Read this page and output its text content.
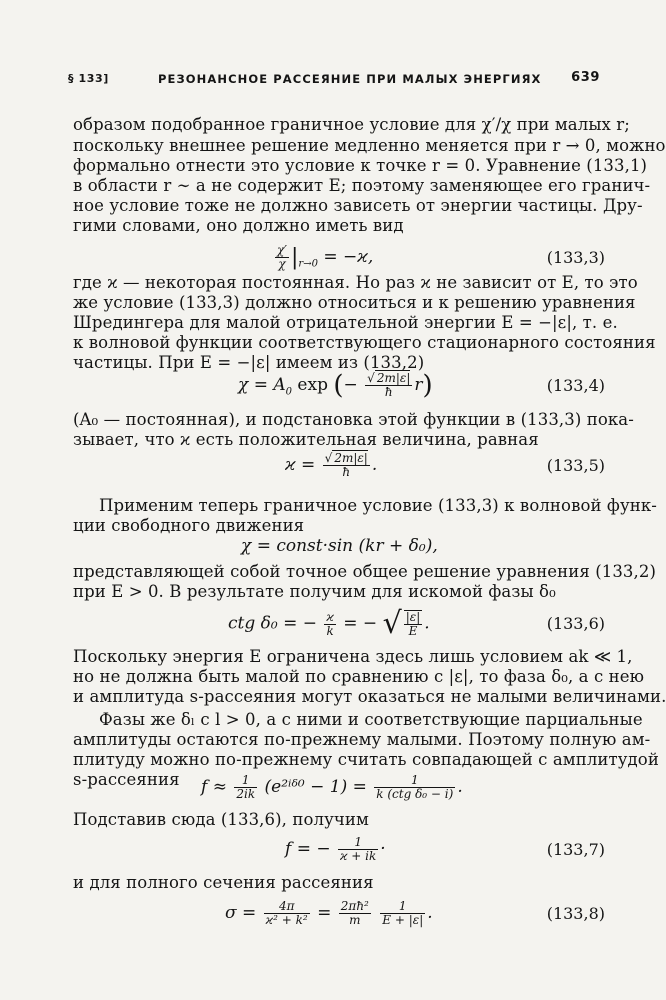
§ 133]	РЕЗОНАНСНОЕ РАССЕЯНИЕ ПРИ МАЛЫХ ЭНЕРГИЯХ 639
образом подобранное граничное условие для χ′/χ при малых r;
поскольку внешнее решение медленно меняется при r → 0, можно
формально отнести это условие к точке r = 0. Уравнение (133,1)
в области r ∼ a не содержит E; поэтому заменяющее его гранич-
ное условие тоже не должно зависеть от энергии частицы. Дру-
гими словами, оно должно иметь вид
$\frac{\chi'}{\chi} |_{r\to 0} = -ϰ$,	(133,3)
где ϰ — некоторая постоянная. Но раз ϰ не зависит от E, то это
же условие (133,3) должно относиться и к решению уравнения
Шредингера для малой отрицательной энергии E = −|ε|, т. е.
к волновой функции соответствующего стационарного состояния
частицы. При E = −|ε| имеем из (133,2)
$\chi = A_0$ exp (− $\frac{√ 2m|\varepsilon|}{ħ} r$)	(133,4)
(A₀ — постоянная), и подстановка этой функции в (133,3) пока-
зывает, что ϰ есть положительная величина, равная
$ϰ = \frac{√ 2m|\varepsilon|}{ħ}$ .	(133,5)
Применим теперь граничное условие (133,3) к волновой функ-
ции свободного движения
χ = const·sin (kr + δ₀),
представляющей собой точное общее решение уравнения (133,2)
при E > 0. В результате получим для искомой фазы δ₀
ctg δ₀ = − $\frac{ϰ}{k}$ = − √ $\frac{|\varepsilon|}{E}$ .	(133,6)
Поскольку энергия E ограничена здесь лишь условием ak ≪ 1,
но не должна быть малой по сравнению с |ε|, то фаза δ₀, а с нею
и амплитуда s-рассеяния могут оказаться не малыми величинами.
Фазы же δₗ с l > 0, а с ними и соответствующие парциальные
амплитуды остаются по-прежнему малыми. Поэтому полную ам-
плитуду можно по-прежнему считать совпадающей с амплитудой
s-рассеяния	$f \approx \frac{1}{2ik}$ (e²ⁱᵟ⁰ − $1) = \frac{1}{\text{k (ctg δ₀ − i)}}$ .
Подставив сюда (133,6), получим
f = − $\frac{1}{ϰ + ik}$ ·	(133,7)
и для полного сечения рассеяния
$\sigma = \frac{4\pi}{\text{ϰ² + k²}} = \frac{\text{2πħ²}}{m}$
$\frac{1}{E + |\varepsilon|}$ .	(133,8)
